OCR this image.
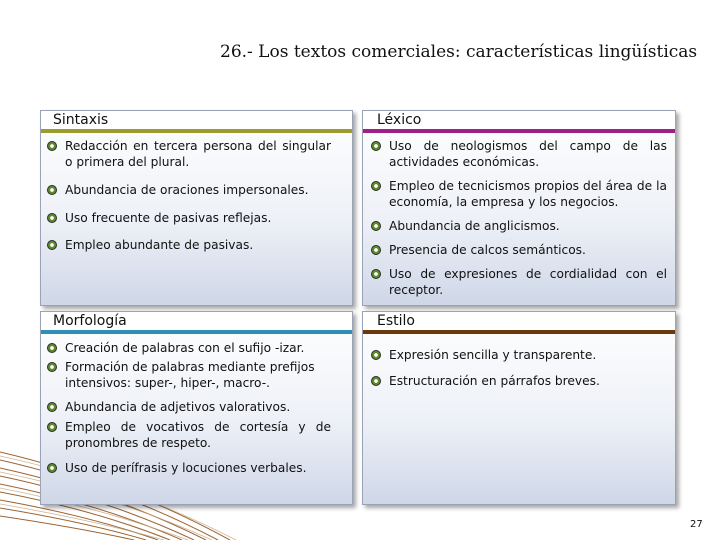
26.- Los textos comerciales: características lingüísticas
Sintaxis
Redacción en tercera persona del singular o primera del plural.
Abundancia de oraciones impersonales.
Uso frecuente de pasivas reflejas.
Empleo abundante de pasivas.
Léxico
Uso de neologismos del campo de las actividades económicas.
Empleo de tecnicismos propios del área de la economía, la empresa y los negocios.
Abundancia de anglicismos.
Presencia de calcos semánticos.
Uso de expresiones de cordialidad con el receptor.
Morfología
Creación de palabras con el sufijo -izar.
Formación de palabras mediante prefijos intensivos: super-, hiper-, macro-.
Abundancia de adjetivos valorativos.
Empleo de vocativos de cortesía y de pronombres de respeto.
Uso de perífrasis y locuciones verbales.
Estilo
Expresión sencilla y transparente.
Estructuración en párrafos breves.
27
